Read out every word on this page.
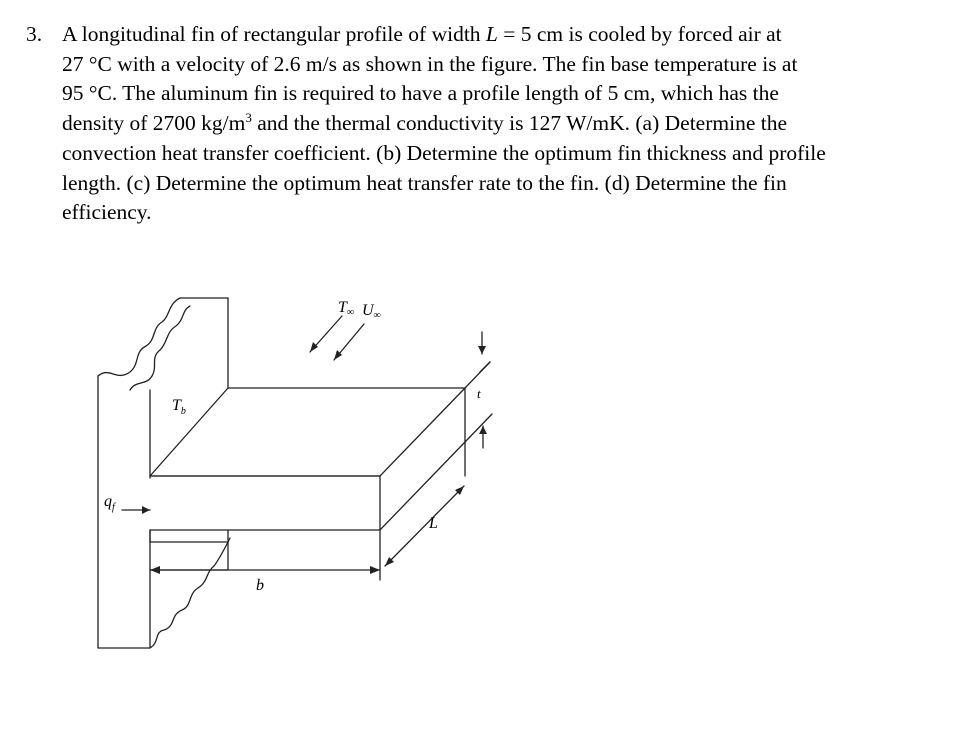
3. A longitudinal fin of rectangular profile of width L = 5 cm is cooled by forced air at
27 °C with a velocity of 2.6 m/s as shown in the figure. The fin base temperature is at
95 °C. The aluminum fin is required to have a profile length of 5 cm, which has the
density of 2700 $kg/m^3$ and the thermal conductivity is 127 W/mK. (a) Determine the
convection heat transfer coefficient. (b) Determine the optimum fin thickness and profile
length. (c) Determine the optimum heat transfer rate to the fin. (d) Determine the fin
efficiency.
T∞ U∞
$T_b$
$q_f$
t
L
b
